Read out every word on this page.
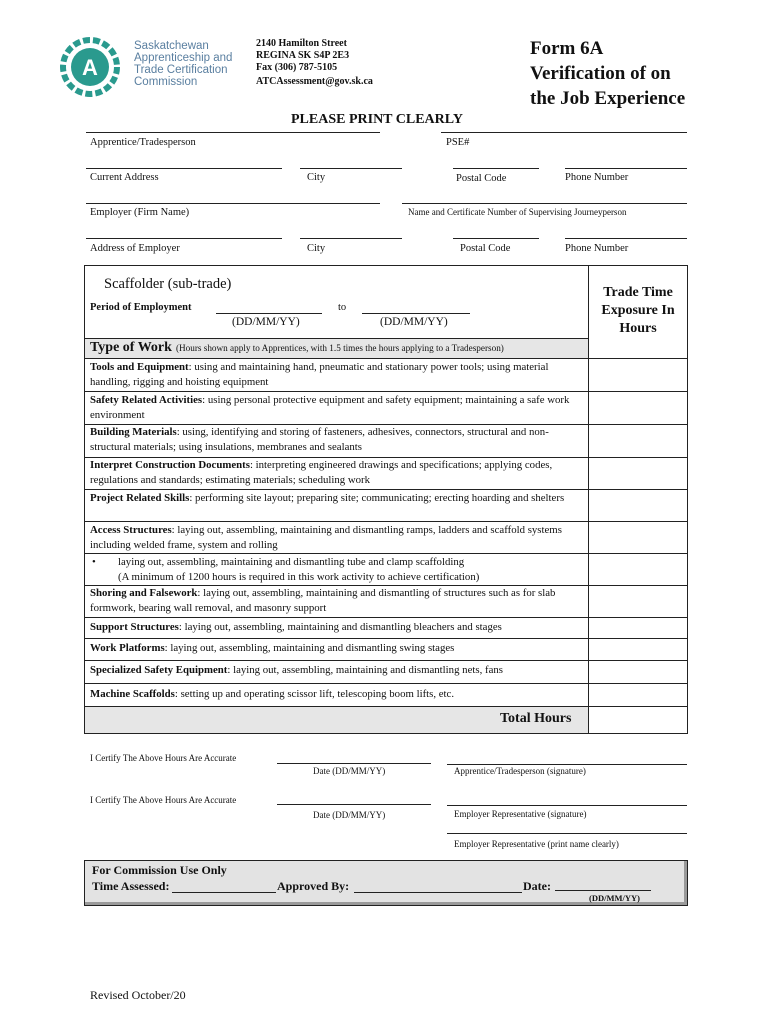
A
Saskatchewan
Apprenticeship and
Trade Certification
Commission
2140 Hamilton Street
REGINA SK S4P 2E3
Fax (306) 787-5105
ATCAssessment@gov.sk.ca
Form 6A
Verification of on
the Job Experience
PLEASE PRINT CLEARLY
Apprentice/Tradesperson	PSE#
Current Address	City	Postal Code	Phone Number
Employer (Firm Name)	Name and Certificate Number of Supervising Journeyperson
Address of Employer	City	Postal Code	Phone Number
Scaffolder (sub-trade)
Period of Employment	to
(DD/MM/YY)	(DD/MM/YY)
Trade Time Exposure In Hours
Type of Work (Hours shown apply to Apprentices, with 1.5 times the hours applying to a Tradesperson)
Tools and Equipment: using and maintaining hand, pneumatic and stationary power tools; using material handling, rigging and hoisting equipment
Safety Related Activities: using personal protective equipment and safety equipment; maintaining a safe work environment
Building Materials: using, identifying and storing of fasteners, adhesives, connectors, structural and non-structural materials; using insulations, membranes and sealants
Interpret Construction Documents: interpreting engineered drawings and specifications; applying codes, regulations and standards; estimating materials; scheduling work
Project Related Skills: performing site layout; preparing site; communicating; erecting hoarding and shelters
Access Structures: laying out, assembling, maintaining and dismantling ramps, ladders and scaffold systems including welded frame, system and rolling
•	laying out, assembling, maintaining and dismantling tube and clamp scaffolding
(A minimum of 1200 hours is required in this work activity to achieve certification)
Shoring and Falsework: laying out, assembling, maintaining and dismantling of structures such as for slab formwork, bearing wall removal, and masonry support
Support Structures: laying out, assembling, maintaining and dismantling bleachers and stages
Work Platforms: laying out, assembling, maintaining and dismantling swing stages
Specialized Safety Equipment: laying out, assembling, maintaining and dismantling nets, fans
Machine Scaffolds: setting up and operating scissor lift, telescoping boom lifts, etc.
Total Hours
I Certify The Above Hours Are Accurate
Date (DD/MM/YY)	Apprentice/Tradesperson (signature)
I Certify The Above Hours Are Accurate
Date (DD/MM/YY)	Employer Representative (signature)
Employer Representative (print name clearly)
For Commission Use Only
Time Assessed:	Approved By:	Date:
(DD/MM/YY)
Revised October/20
